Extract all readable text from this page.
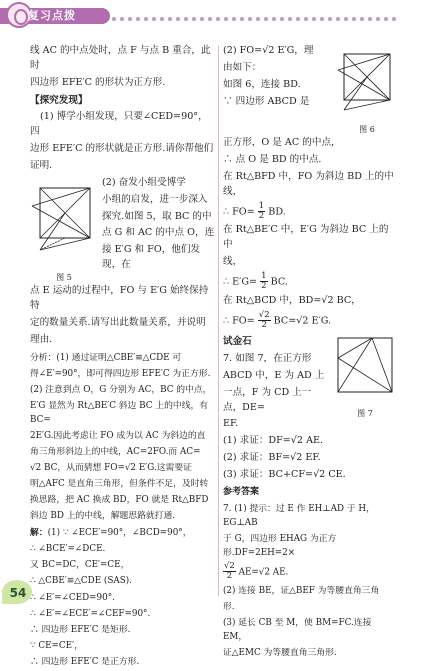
复习点拨

线 AC 的中点处时，点 F 与点 B 重合，此时

四边形 EFE′C 的形状为正方形.

【探究发现】

(1) 博学小组发现，只要∠CED=90°，四

边形 EFE′C 的形状就是正方形.请你帮他们

证明.

图 5

(2) 奋发小组受博学

小组的启发，进一步深入

探究.如图 5，取 BC 的中

点 G 和 AC 的中点 O，连

接 E′G 和 FO，他们发现，在

点 E 运动的过程中，FO 与 E′G 始终保持特

定的数量关系.请写出此数量关系，并说明

理由.

分析：(1) 通过证明△CBE′≌△CDE 可

得∠E′=90°，即可得四边形 EFE′C 为正方形.

(2) 注意到点 O，G 分别为 AC，BC 的中点，

E′G 显然为 Rt△BE′C 斜边 BC 上的中线，有 BC=

2E′G.因此考虑让 FO 成为以 AC 为斜边的直

角三角形斜边上的中线，AC=2FO.而 AC=

√2 BC，从而猜想 FO=√2 E′G.这需要证

明△AFC 是直角三角形，但条件不足，及时转

换思路，把 AC 换成 BD，FO 就是 Rt△BFD

斜边 BD 上的中线，解题思路就打通.

解：(1) ∵ ∠ECE′=90°，∠BCD=90°，

∴ ∠BCE′=∠DCE.

又 BC=DC，CE′=CE，

∴ △CBE′≌△CDE (SAS).

∴ ∠E′=∠CED=90°.

∴ ∠E′=∠ECE′=∠CEF=90°.

∴ 四边形 EFE′C 是矩形.

∵ CE=CE′，

∴ 四边形 EFE′C 是正方形.

(2) FO=√2 E′G，理

由如下：

如图 6，连接 BD.

∵ 四边形 ABCD 是

图 6

正方形，O 是 AC 的中点，

∴ 点 O 是 BD 的中点.

在 Rt△BFD 中，FO 为斜边 BD 上的中线，

∴ $FO= \frac{1}{2}$ BD.

在 Rt△BE′C 中，E′G 为斜边 BC 上的中

线，

∴ $E'G= \frac{1}{2}$ BC.

在 Rt△BCD 中，BD=√2 BC，

∴ $FO= \frac{√2}{2} BC=√2$ E′G.

试金石

7. 如图 7，在正方形

ABCD 中，E 为 AD 上

一点，F 为 CD 上一点，DE=

EF.

图 7

(1) 求证：DF=√2 AE.

(2) 求证：BF=√2 EF.

(3) 求证：BC+CF=√2 CE.

参考答案

7. (1) 提示：过 E 作 EH⊥AD 于 H，EG⊥AB

于 G，四边形 EHAG 为正方形.DF=2EH=2×

$\frac{√2}{2} AE=√2$ AE.

(2) 连接 BE，证△BEF 为等腰直角三角

形.

(3) 延长 CB 至 M，使 BM=FC.连接 EM，

证△EMC 为等腰直角三角形.

54
